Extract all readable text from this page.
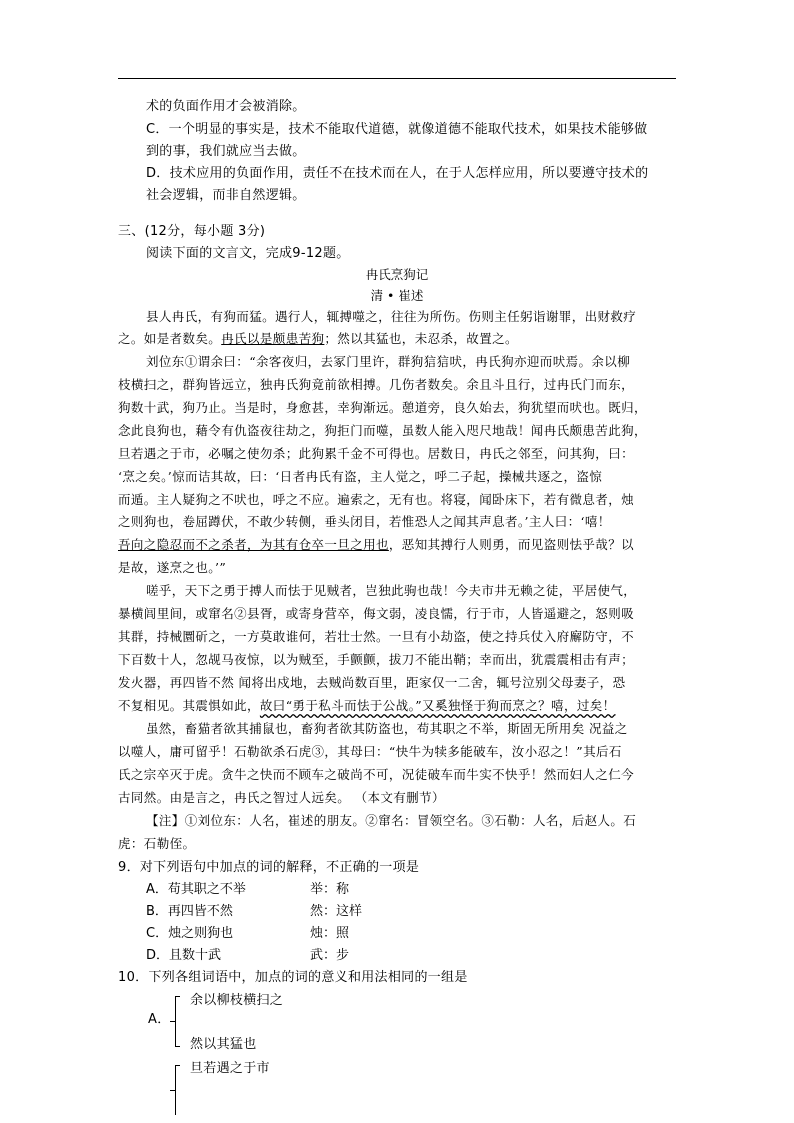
术的负面作用才会被消除。
C．一个明显的事实是，技术不能取代道德，就像道德不能取代技术，如果技术能够做
到的事，我们就应当去做。
D．技术应用的负面作用，责任不在技术而在人，在于人怎样应用，所以要遵守技术的
社会逻辑，而非自然逻辑。
三、(12分，每小题 3分)
阅读下面的文言文，完成9-12题。
冉氏烹狗记
清 • 崔述
县人冉氏，有狗而猛。遇行人，辄搏噬之，往往为所伤。伤则主任躬诣谢罪，出财救疗
之。如是者数矣。冉氏以是颇患苦狗；然以其猛也，未忍杀，故置之。
刘位东①谓余曰：“余客夜归，去冢门里许，群狗狺狺吠，冉氏狗亦迎而吠焉。余以柳
枝横扫之，群狗皆远立，独冉氏狗竟前欲相搏。几伤者数矣。余且斗且行，过冉氏门而东，
狗数十武，狗乃止。当是时，身愈甚，幸狗渐远。憩道旁，良久始去，狗犹望而吠也。既归，
念此良狗也，藉令有仇盗夜往劫之，狗拒门而噬，虽数人能入咫尺地哉！闻冉氏颇患苦此狗，
旦若遇之于市，必嘱之使勿杀；此狗累千金不可得也。居数日，冉氏之邻至，问其狗，曰：
‘烹之矣。’惊而诘其故，曰：‘日者冉氏有盗，主人觉之，呼二子起，操械共逐之，盗惊
而遁。主人疑狗之不吠也，呼之不应。遍索之，无有也。将寝，闻卧床下，若有微息者，烛
之则狗也，卷屈蹲伏，不敢少转侧，垂头闭目，若惟恐人之闻其声息者。’主人曰：‘嘻！
吾向之隐忍而不之杀者，为其有仓卒一旦之用也，恶知其搏行人则勇，而见盗则怯乎哉？以
是故，遂烹之也。’”
嗟乎，天下之勇于搏人而怯于见贼者，岂独此驹也哉！今夫市井无赖之徒，平居使气，
暴横闾里间，或窜名②县胥，或寄身营卒，侮文弱，凌良懦，行于市，人皆遥避之，怒则吸
其群，持械圜斫之，一方莫敢谁何，若壮士然。一旦有小劫盗，使之持兵仗入府廨防守，不
下百数十人，忽觇马夜惊，以为贼至，手颤颤，拔刀不能出鞘；幸而出，犹震震相击有声；
发火器，再四皆不然 闻将出戍地，去贼尚数百里，距家仅一二舍，辄号泣别父母妻子，恐
不复相见。其震惧如此，故曰“勇于私斗而怯于公战。”又奚独怪于狗而烹之？嘻，过矣！
虽然，畜猫者欲其捕鼠也，畜狗者欲其防盗也，苟其职之不举，斯固无所用矣 况益之
以噬人，庸可留乎！石勒欲杀石虎③，其母曰：“快牛为犊多能破车，汝小忍之！”其后石
氏之宗卒灭于虎。贪牛之快而不顾车之破尚不可，况徒破车而牛实不快乎！然而妇人之仁今
古同然。由是言之，冉氏之智过人远矣。 （本文有删节）
【注】①刘位东：人名，崔述的朋友。②窜名：冒领空名。③石勒：人名，后赵人。石
虎：石勒侄。
9．对下列语句中加点的词的解释，不正确的一项是
A．苟其职之不举	举：称
B．再四皆不然	然：这样
C．烛之则狗也	烛：照
D．且数十武	武：步
10．下列各组词语中，加点的词的意义和用法相同的一组是
A．
余以柳枝横扫之
然以其猛也
旦若遇之于市
